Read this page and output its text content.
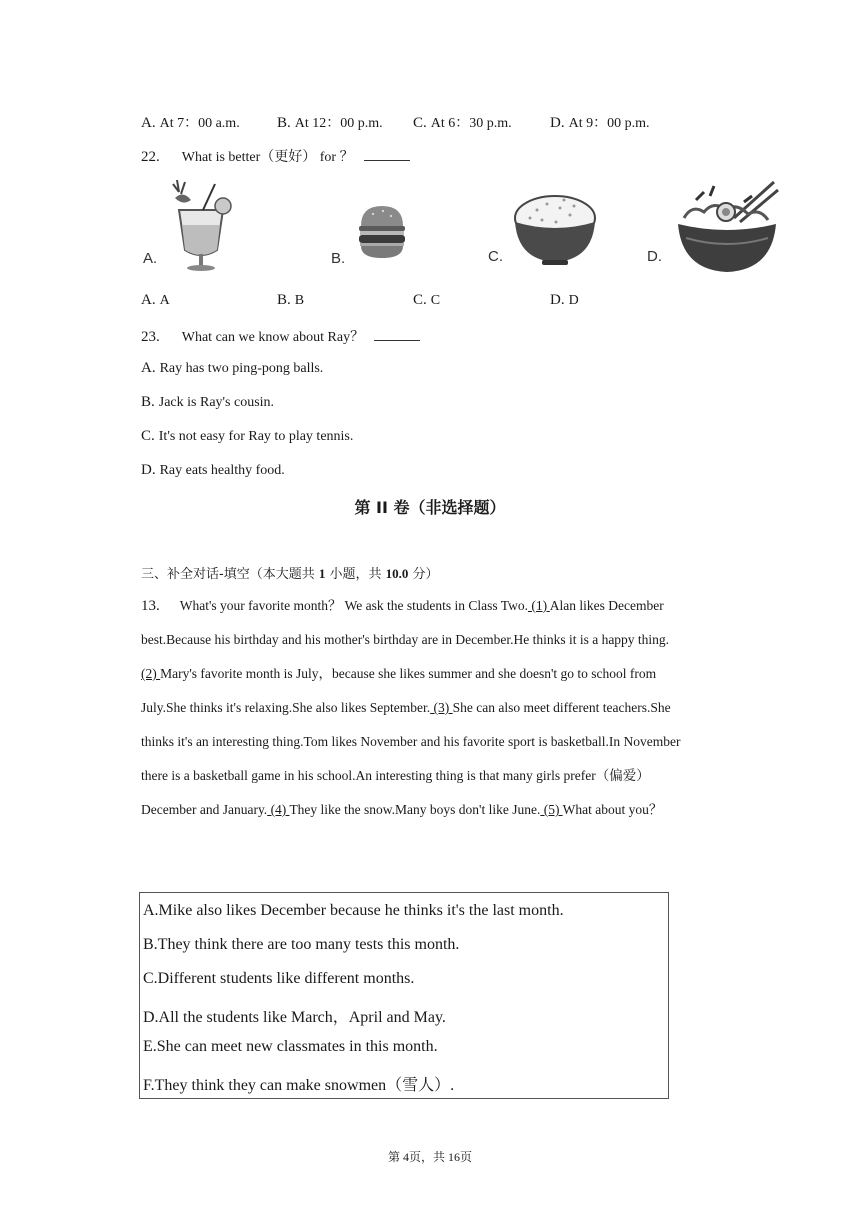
A. At 7：00 a.m. B. At 12：00 p.m. C. At 6：30 p.m.	D. At 9：00 p.m.
22. What is better（更好） for ？
A.	B.	C.	D.
A. A	B. B	C. C	D. D
23. What can we know about Ray？
A. Ray has two ping-pong balls.
B. Jack is Ray's cousin.
C. It's not easy for Ray to play tennis.
D. Ray eats healthy food.
第 II 卷（非选择题）
三、补全对话-填空（本大题共 1 小题，共 10.0 分）
13. What's your favorite month？ We ask the students in Class Two. (1) Alan likes December
best.Because his birthday and his mother's birthday are in December.He thinks it is a happy thing.
(2) Mary's favorite month is July，because she likes summer and she doesn't go to school from
July.She thinks it's relaxing.She also likes September. (3) She can also meet different teachers.She
thinks it's an interesting thing.Tom likes November and his favorite sport is basketball.In November
there is a basketball game in his school.An interesting thing is that many girls prefer（偏爱）
December and January. (4) They like the snow.Many boys don't like June. (5) What about you？
A.Mike also likes December because he thinks it's the last month.
B.They think there are too many tests this month.
C.Different students like different months.
D.All the students like March，April and May.
E.She can meet new classmates in this month.
F.They think they can make snowmen（雪人）.
第 4页，共 16页
